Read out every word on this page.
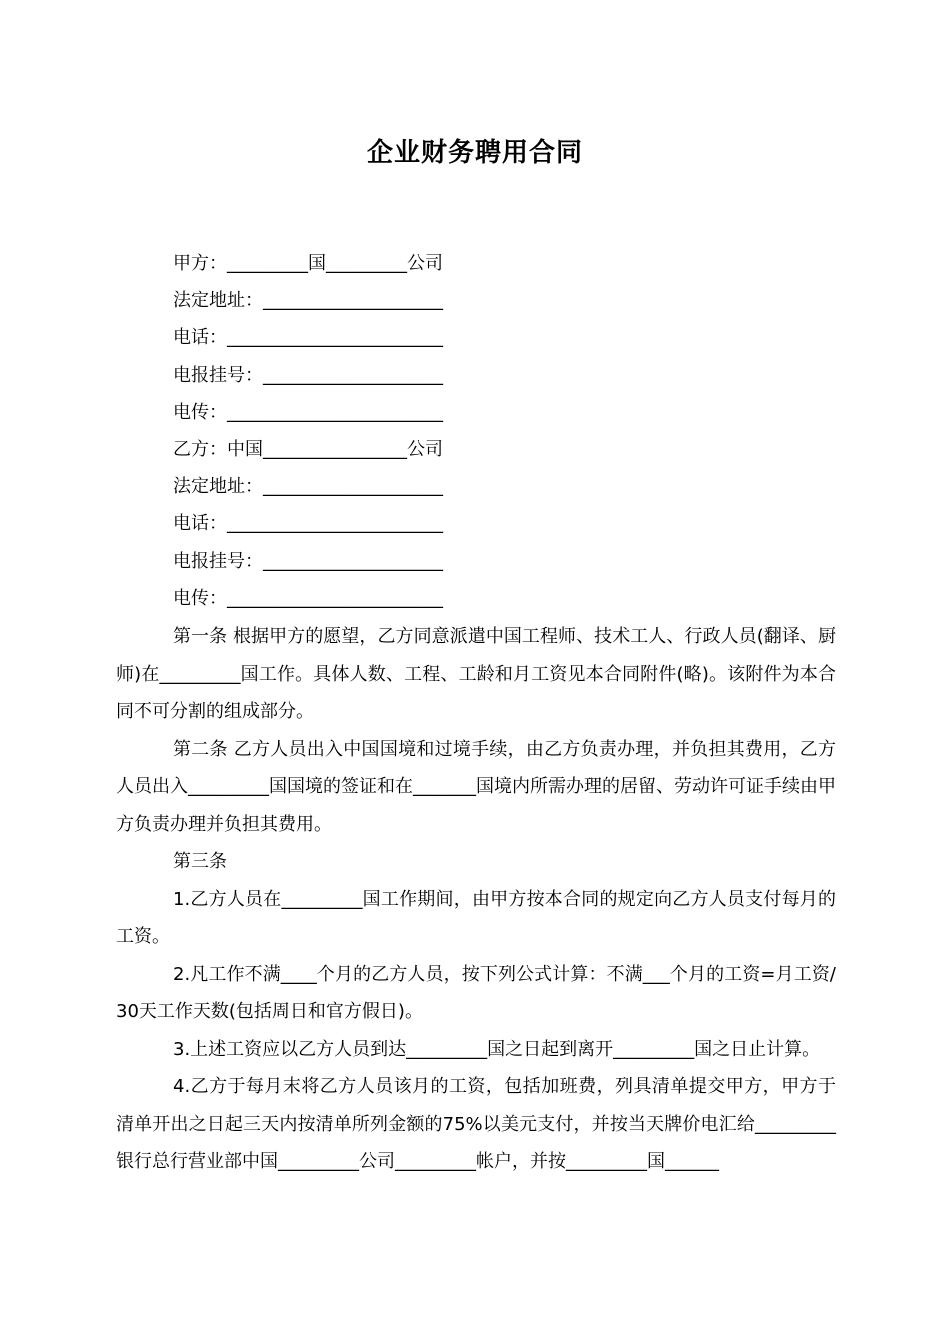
企业财务聘用合同
甲方：_________国_________公司
法定地址：____________________
电话：________________________
电报挂号：____________________
电传：________________________
乙方：中国________________公司
法定地址：____________________
电话：________________________
电报挂号：____________________
电传：________________________

第一条 根据甲方的愿望，乙方同意派遣中国工程师、技术工人、行政人员(翻译、厨师)在_________国工作。具体人数、工程、工龄和月工资见本合同附件(略)。该附件为本合同不可分割的组成部分。

第二条 乙方人员出入中国国境和过境手续，由乙方负责办理，并负担其费用，乙方人员出入_________国国境的签证和在_______国境内所需办理的居留、劳动许可证手续由甲方负责办理并负担其费用。

第三条

1.乙方人员在_________国工作期间，由甲方按本合同的规定向乙方人员支付每月的工资。

2.凡工作不满____个月的乙方人员，按下列公式计算：不满___个月的工资=月工资/30天工作天数(包括周日和官方假日)。

3.上述工资应以乙方人员到达_________国之日起到离开_________国之日止计算。

4.乙方于每月末将乙方人员该月的工资，包括加班费，列具清单提交甲方，甲方于清单开出之日起三天内按清单所列金额的75%以美元支付，并按当天牌价电汇给_________银行总行营业部中国_________公司_________帐户，并按_________国______
